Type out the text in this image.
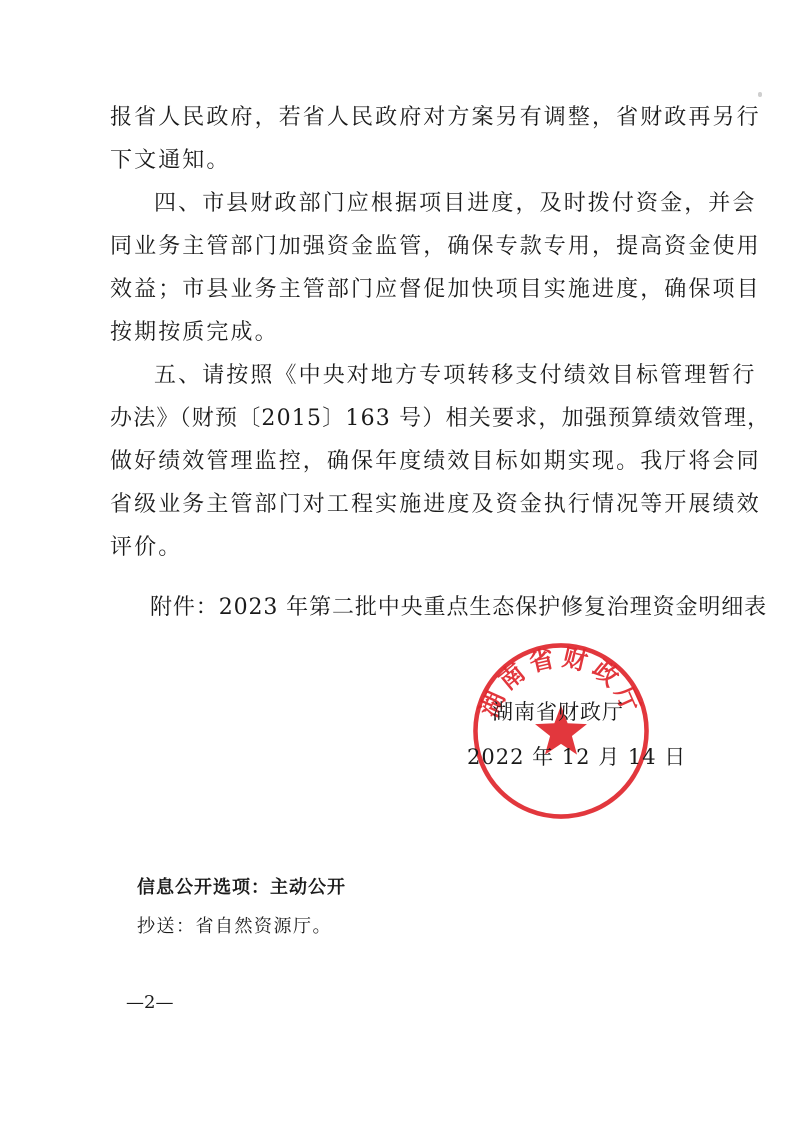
报省人民政府，若省人民政府对方案另有调整，省财政再另行
下文通知。
四、市县财政部门应根据项目进度，及时拨付资金，并会
同业务主管部门加强资金监管，确保专款专用，提高资金使用
效益；市县业务主管部门应督促加快项目实施进度，确保项目
按期按质完成。
五、请按照《中央对地方专项转移支付绩效目标管理暂行
办法》（财预〔2015〕163 号）相关要求，加强预算绩效管理，
做好绩效管理监控，确保年度绩效目标如期实现。我厅将会同
省级业务主管部门对工程实施进度及资金执行情况等开展绩效
评价。
附件：2023 年第二批中央重点生态保护修复治理资金明细表
湖南省财政厅
湖南省财政厅
2022 年 12 月 14 日
信息公开选项：主动公开
抄送：省自然资源厅。
—2—
